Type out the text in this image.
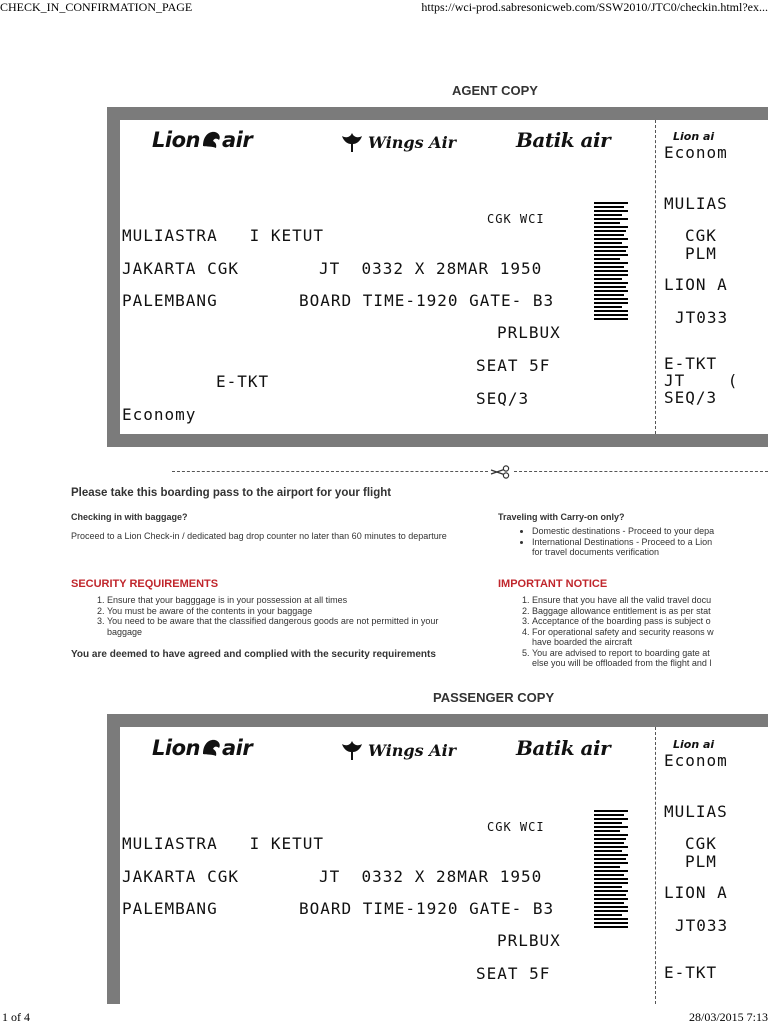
CHECK_IN_CONFIRMATION_PAGE	https://wci-prod.sabresonicweb.com/SSW2010/JTC0/checkin.html?ex...
AGENT COPY
Lion air	Wings Air	Batik air	Lion ai
CGK WCI
MULIASTRA   I KETUT
JAKARTA CGK	JT  0332 X 28MAR 1950
PALEMBANG	BOARD TIME-1920 GATE- B3
PRLBUX
SEAT 5F
E-TKT
SEQ/3
Economy
Econom
MULIAS
CGK
PLM
LION A
JT033
E-TKT
JT    (
SEQ/3
Please take this boarding pass to the airport for your flight
Checking in with baggage?
Proceed to a Lion Check-in / dedicated bag drop counter no later than 60 minutes to departure
Traveling with Carry-on only?
• Domestic destinations - Proceed to your depa
• International Destinations - Proceed to a Lion
for travel documents verification
SECURITY REQUIREMENTS
1. Ensure that your bagggage is in your possession at all times
2. You must be aware of the contents in your baggage
3. You need to be aware that the classified dangerous goods are not permitted in your baggage
You are deemed to have agreed and complied with the security requirements
IMPORTANT NOTICE
1. Ensure that you have all the valid travel docu
2. Baggage allowance entitlement is as per stat
3. Acceptance of the boarding pass is subject o
4. For operational safety and security reasons w
have boarded the aircraft
5. You are advised to report to boarding gate at
else you will be offloaded from the flight and l
PASSENGER COPY
Lion air	Wings Air	Batik air	Lion ai
CGK WCI
MULIASTRA   I KETUT
JAKARTA CGK	JT  0332 X 28MAR 1950
PALEMBANG	BOARD TIME-1920 GATE- B3
PRLBUX
SEAT 5F
Econom
MULIAS
CGK
PLM
LION A
JT033
E-TKT
1 of 4	28/03/2015 7:13
